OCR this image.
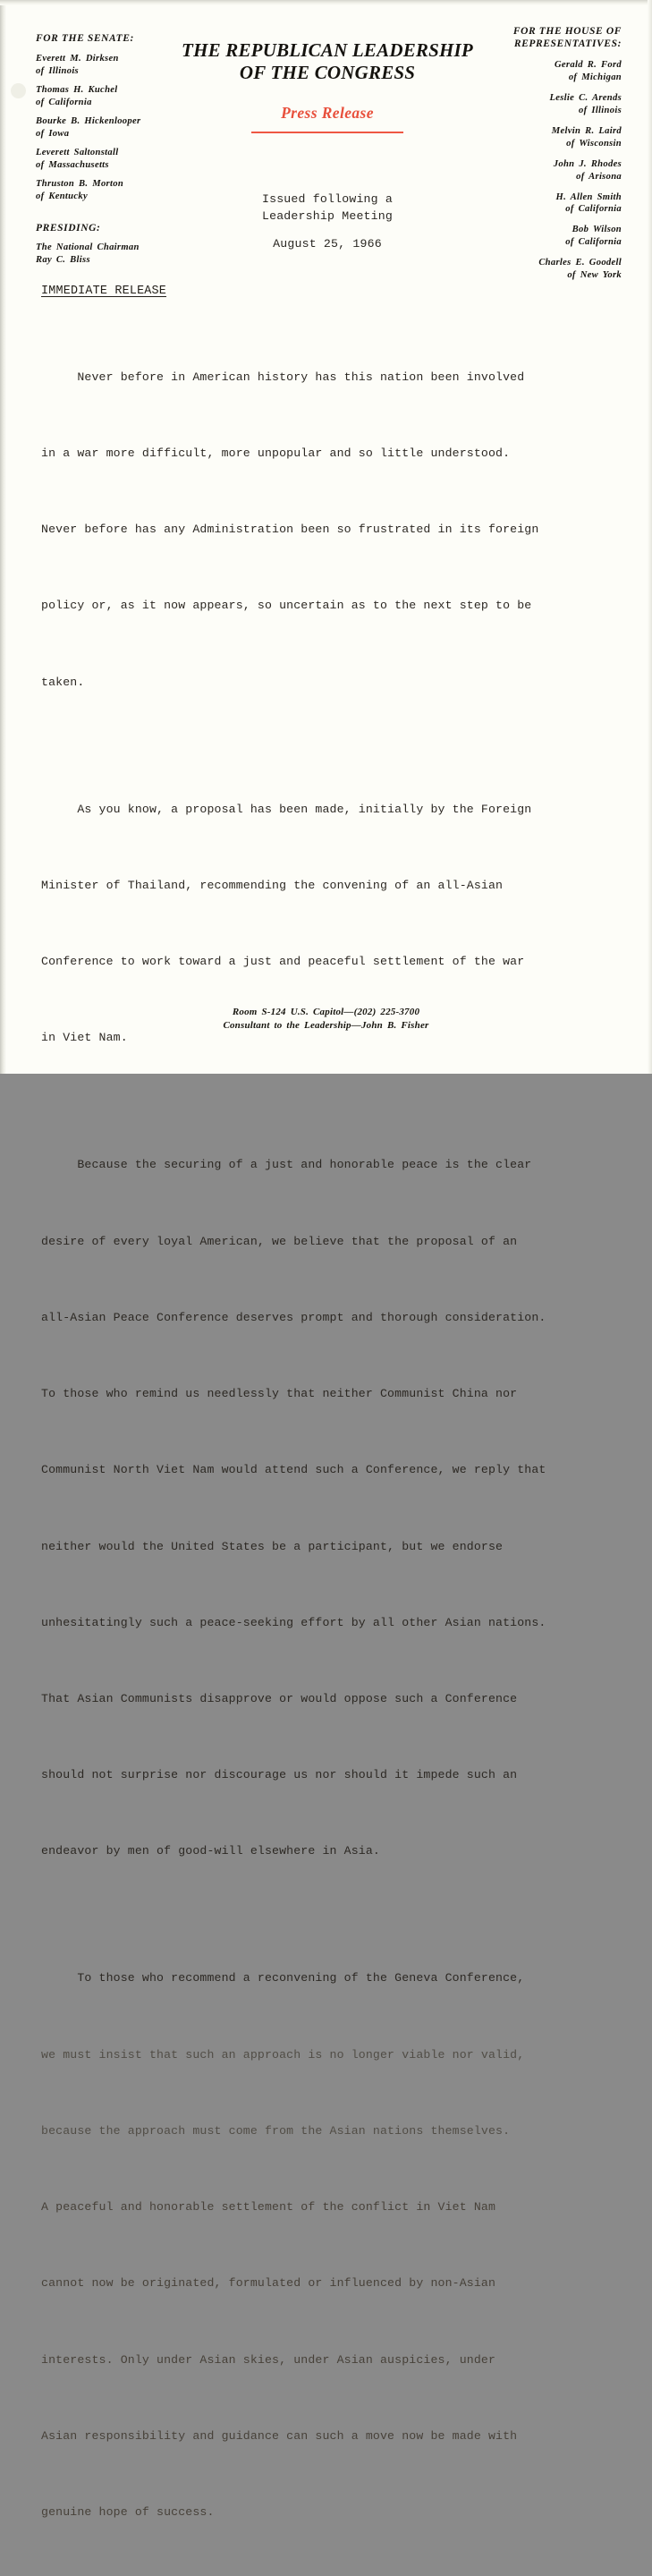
FOR THE SENATE:
Everett M. Dirksen
of Illinois
Thomas H. Kuchel
of California
Bourke B. Hickenlooper
of Iowa
Leverett Saltonstall
of Massachusetts
Thruston B. Morton
of Kentucky
PRESIDING:
The National Chairman
Ray C. Bliss
THE REPUBLICAN LEADERSHIP
OF THE CONGRESS
Press Release
FOR THE HOUSE OF REPRESENTATIVES:
Gerald R. Ford
of Michigan
Leslie C. Arends
of Illinois
Melvin R. Laird
of Wisconsin
John J. Rhodes
of Arisona
H. Allen Smith
of California
Bob Wilson
of California
Charles E. Goodell
of New York
Issued following a
Leadership Meeting
August 25, 1966
IMMEDIATE RELEASE

Never before in American history has this nation been involved

in a war more difficult, more unpopular and so little understood.

Never before has any Administration been so frustrated in its foreign

policy or, as it now appears, so uncertain as to the next step to be

taken.

As you know, a proposal has been made, initially by the Foreign

Minister of Thailand, recommending the convening of an all-Asian

Conference to work toward a just and peaceful settlement of the war

in Viet Nam.

Because the securing of a just and honorable peace is the clear

desire of every loyal American, we believe that the proposal of an

all-Asian Peace Conference deserves prompt and thorough consideration.

To those who remind us needlessly that neither Communist China nor

Communist North Viet Nam would attend such a Conference, we reply that

neither would the United States be a participant, but we endorse

unhesitatingly such a peace-seeking effort by all other Asian nations.

That Asian Communists disapprove or would oppose such a Conference

should not surprise nor discourage us nor should it impede such an

endeavor by men of good-will elsewhere in Asia.

To those who recommend a reconvening of the Geneva Conference,

we must insist that such an approach is no longer viable nor valid,

because the approach must come from the Asian nations themselves.

A peaceful and honorable settlement of the conflict in Viet Nam

cannot now be originated, formulated or influenced by non-Asian

interests. Only under Asian skies, under Asian auspicies, under

Asian responsibility and guidance can such a move now be made with

genuine hope of success.

Room S-124 U.S. Capitol—(202) 225-3700
Consultant to the Leadership—John B. Fisher
